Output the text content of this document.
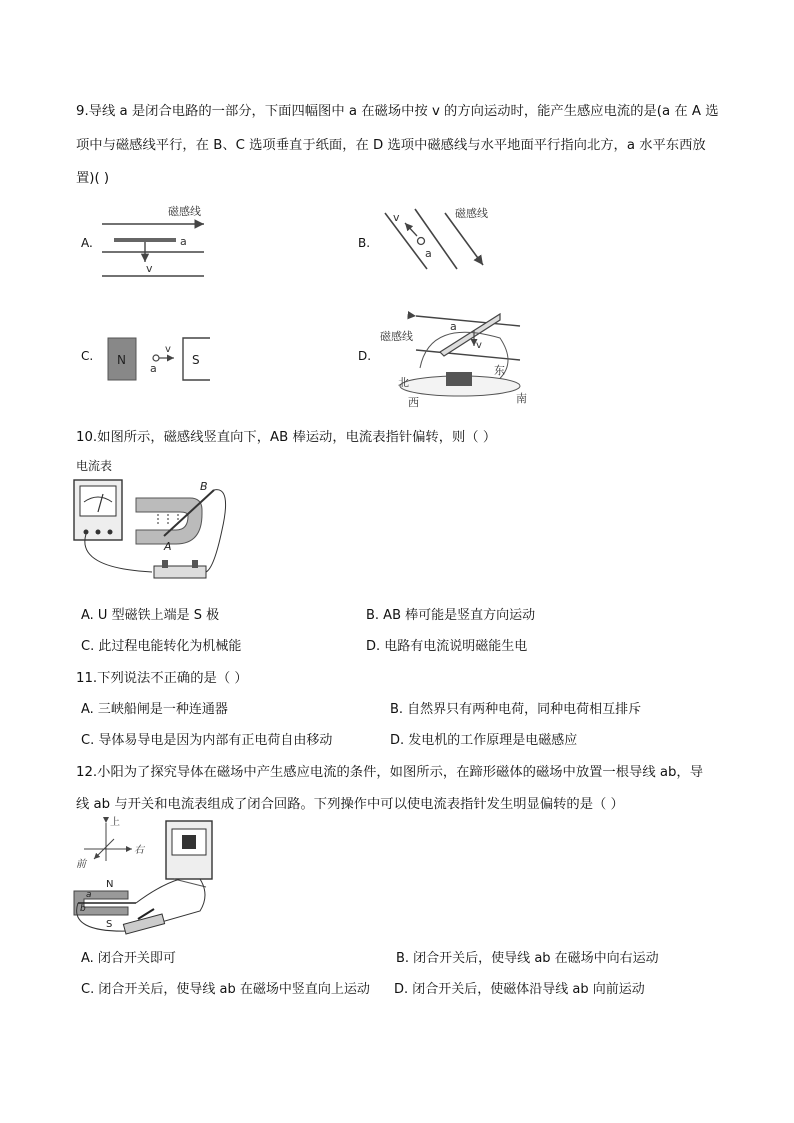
9.导线 a 是闭合电路的一部分，下面四幅图中 a 在磁场中按 v 的方向运动时，能产生感应电流的是(a 在 A 选
项中与磁感线平行，在 B、C 选项垂直于纸面，在 D 选项中磁感线与水平地面平行指向北方，a 水平东西放
置)( )
A.
磁感线
a
v
B.
磁感线
v
a
C. N	S
v
a
D.
磁感线
a
v
北
东
西	南
10.如图所示，磁感线竖直向下，AB 棒运动，电流表指针偏转，则（ ）
电流表
A
B
A. U 型磁铁上端是 S 极	B. AB 棒可能是竖直方向运动
C. 此过程电能转化为机械能	D. 电路有电流说明磁能生电
11.下列说法不正确的是（ ）
A. 三峡船闸是一种连通器	B. 自然界只有两种电荷，同种电荷相互排斥
C. 导体易导电是因为内部有正电荷自由移动	D. 发电机的工作原理是电磁感应
12.小阳为了探究导体在磁场中产生感应电流的条件，如图所示，在蹄形磁体的磁场中放置一根导线 ab，导
线 ab 与开关和电流表组成了闭合回路。下列操作中可以使电流表指针发生明显偏转的是（ ）
上
右
前
N
S
a
b
A. 闭合开关即可	B. 闭合开关后，使导线 ab 在磁场中向右运动
C. 闭合开关后，使导线 ab 在磁场中竖直向上运动 D. 闭合开关后，使磁体沿导线 ab 向前运动
